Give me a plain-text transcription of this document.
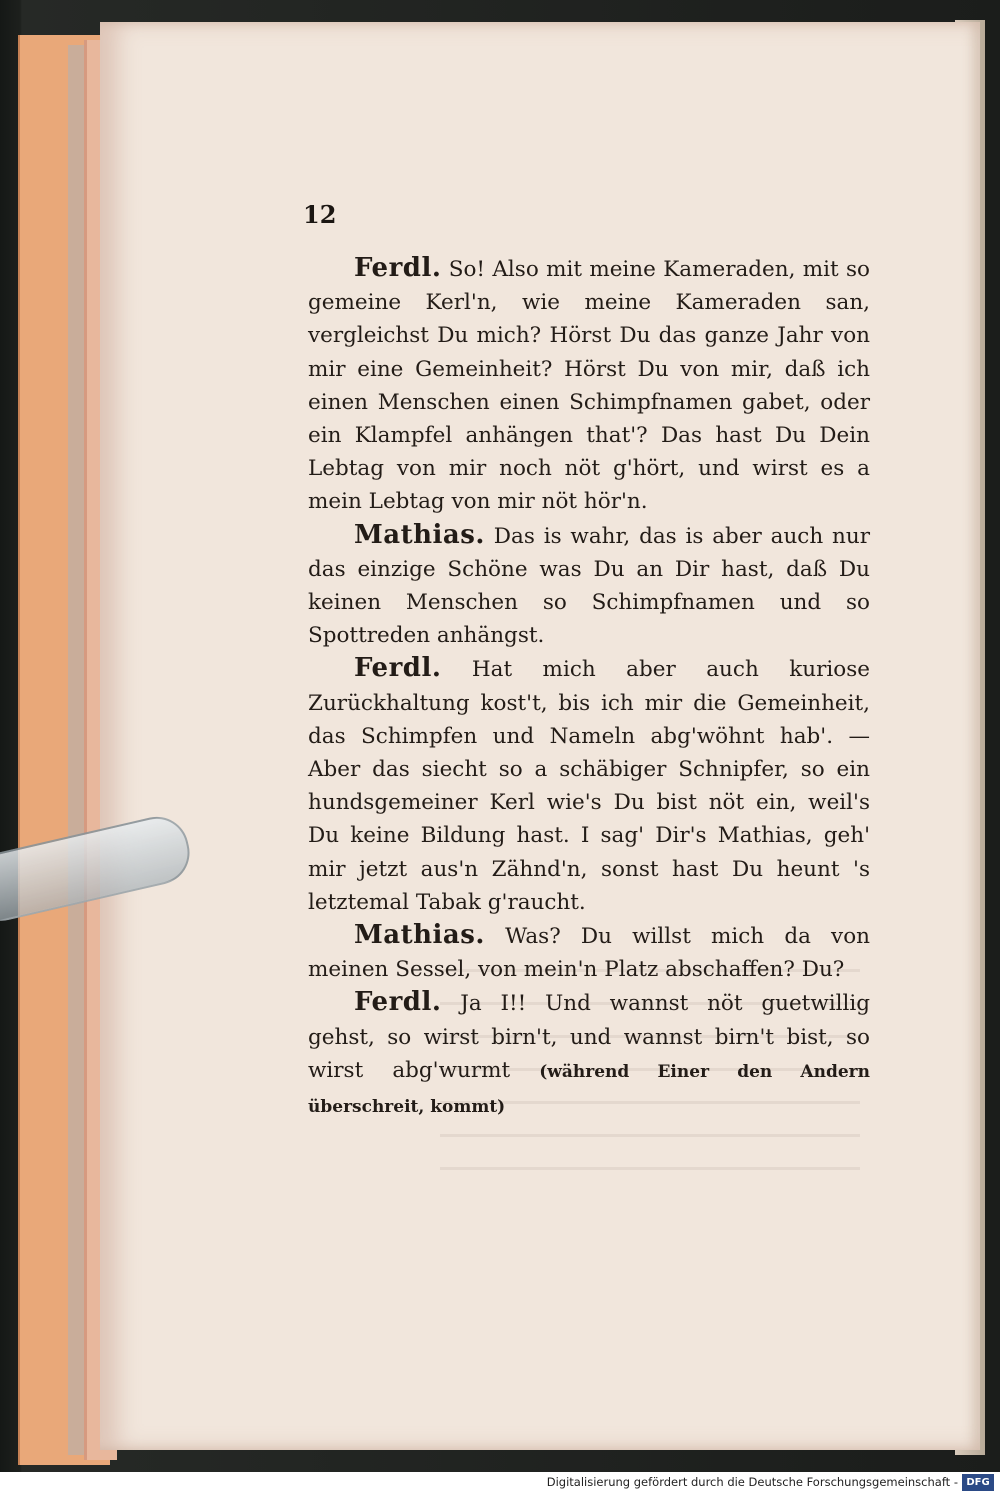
12

Ferdl. So! Also mit meine Kameraden, mit so gemeine Kerl'n, wie meine Kameraden san, vergleichst Du mich? Hörst Du das ganze Jahr von mir eine Gemeinheit? Hörst Du von mir, daß ich einen Menschen einen Schimpfnamen gabet, oder ein Klampfel anhängen that'? Das hast Du Dein Lebtag von mir noch nöt g'hört, und wirst es a mein Lebtag von mir nöt hör'n.

Mathias. Das is wahr, das is aber auch nur das einzige Schöne was Du an Dir hast, daß Du keinen Menschen so Schimpfnamen und so Spottreden anhängst.

Ferdl. Hat mich aber auch kuriose Zurückhaltung kost't, bis ich mir die Gemeinheit, das Schimpfen und Nameln abg'wöhnt hab'. — Aber das siecht so a schäbiger Schnipfer, so ein hundsgemeiner Kerl wie's Du bist nöt ein, weil's Du keine Bildung hast. I sag' Dir's Mathias, geh' mir jetzt aus'n Zähnd'n, sonst hast Du heunt 's letztemal Tabak g'raucht.

Mathias. Was? Du willst mich da von meinen Sessel, von mein'n Platz abschaffen? Du?

Ferdl. Ja I!! Und wannst nöt guetwillig gehst, so wirst birn't, und wannst birn't bist, so wirst abg'wurmt (während Einer den Andern überschreit, kommt)

Digitalisierung gefördert durch die Deutsche Forschungsgemeinschaft - DFG
